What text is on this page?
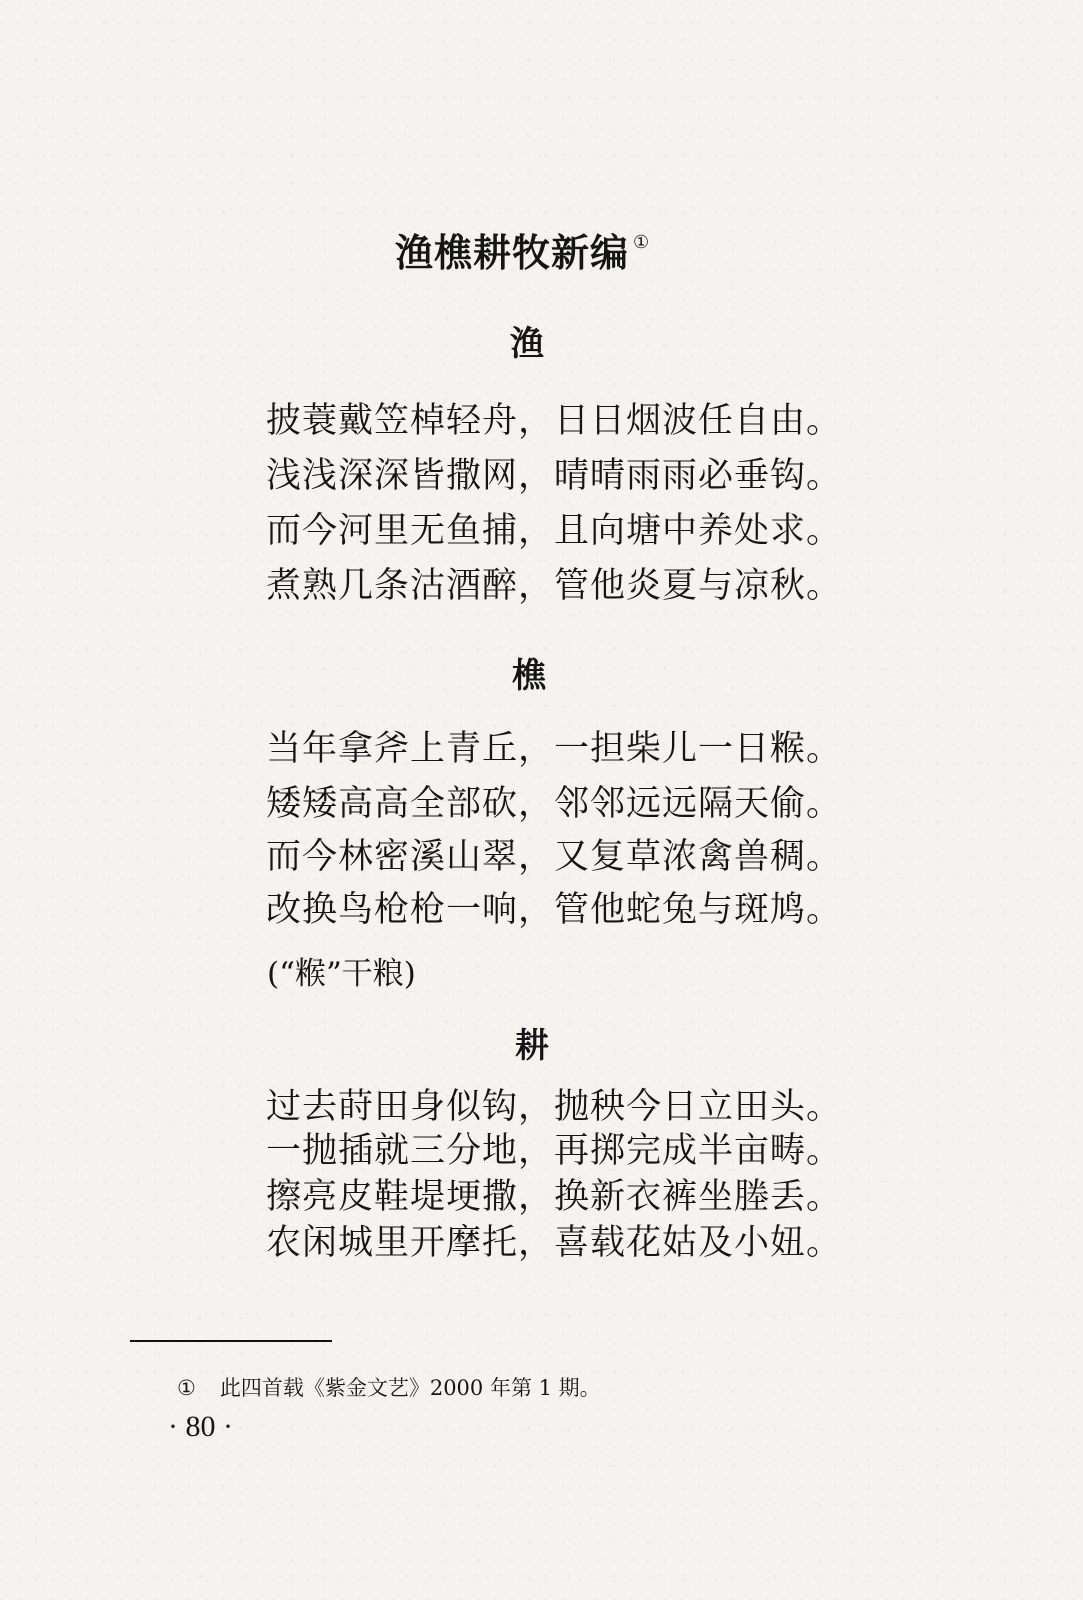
渔樵耕牧新编 ①
渔

披蓑戴笠棹轻舟，日日烟波任自由。

浅浅深深皆撒网，晴晴雨雨必垂钩。

而今河里无鱼捕，且向塘中养处求。

煮熟几条沽酒醉，管他炎夏与凉秋。

樵

当年拿斧上青丘，一担柴儿一日糇。

矮矮高高全部砍，邻邻远远隔天偷。

而今林密溪山翠，又复草浓禽兽稠。

改换鸟枪枪一响，管他蛇兔与斑鸠。

(“糇”干粮)

耕

过去莳田身似钩，抛秧今日立田头。

一抛插就三分地，再掷完成半亩畴。

擦亮皮鞋堤埂撒，换新衣裤坐塍丢。

农闲城里开摩托，喜载花姑及小妞。

① 此四首载《紫金文艺》2000 年第 1 期。

· 80 ·
